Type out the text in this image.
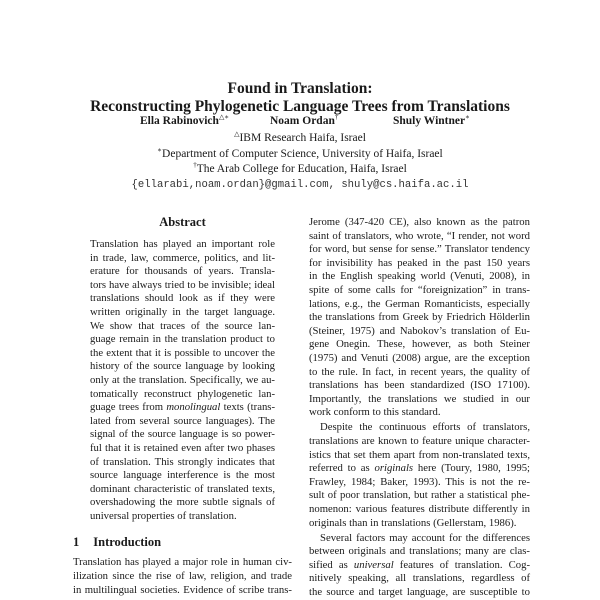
Found in Translation:
Reconstructing Phylogenetic Language Trees from Translations
Ella Rabinovich△∗	Noam Ordan†	Shuly Wintner∗
△IBM Research Haifa, Israel
∗Department of Computer Science, University of Haifa, Israel
†The Arab College for Education, Haifa, Israel
{ellarabi,noam.ordan}@gmail.com, shuly@cs.haifa.ac.il
Abstract
Translation has played an important role
in trade, law, commerce, politics, and lit-
erature for thousands of years. Transla-
tors have always tried to be invisible; ideal
translations should look as if they were
written originally in the target language.
We show that traces of the source lan-
guage remain in the translation product to
the extent that it is possible to uncover the
history of the source language by looking
only at the translation. Specifically, we au-
tomatically reconstruct phylogenetic lan-
guage trees from monolingual texts (trans-
lated from several source languages). The
signal of the source language is so power-
ful that it is retained even after two phases
of translation. This strongly indicates that
source language interference is the most
dominant characteristic of translated texts,
overshadowing the more subtle signals of
universal properties of translation.
1 Introduction
Translation has played a major role in human civ-
ilization since the rise of law, religion, and trade
in multilingual societies. Evidence of scribe trans-
Jerome (347-420 CE), also known as the patron
saint of translators, who wrote, “I render, not word
for word, but sense for sense.” Translator tendency
for invisibility has peaked in the past 150 years
in the English speaking world (Venuti, 2008), in
spite of some calls for “foreignization” in trans-
lations, e.g., the German Romanticists, especially
the translations from Greek by Friedrich Hölderlin
(Steiner, 1975) and Nabokov’s translation of Eu-
gene Onegin. These, however, as both Steiner
(1975) and Venuti (2008) argue, are the exception
to the rule. In fact, in recent years, the quality of
translations has been standardized (ISO 17100).
Importantly, the translations we studied in our
work conform to this standard.
Despite the continuous efforts of translators,
translations are known to feature unique character-
istics that set them apart from non-translated texts,
referred to as originals here (Toury, 1980, 1995;
Frawley, 1984; Baker, 1993). This is not the re-
sult of poor translation, but rather a statistical phe-
nomenon: various features distribute differently in
originals than in translations (Gellerstam, 1986).
Several factors may account for the differences
between originals and translations; many are clas-
sified as universal features of translation. Cog-
nitively speaking, all translations, regardless of
the source and target language, are susceptible to
